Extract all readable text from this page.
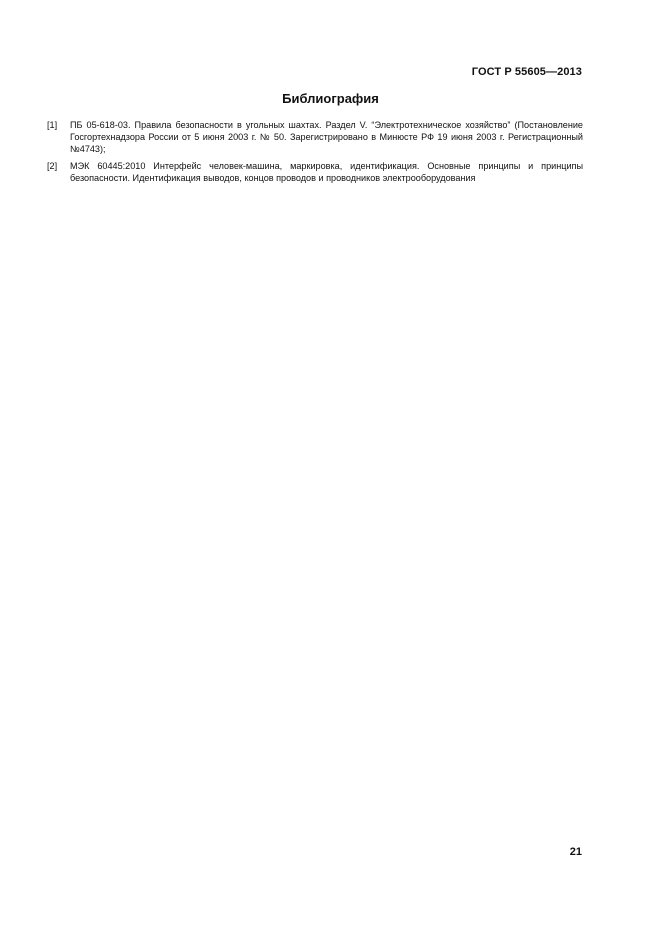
ГОСТ Р 55605—2013
Библиография
[1]	ПБ 05-618-03. Правила безопасности в угольных шахтах. Раздел V. “Электротехническое хозяйство” (Постановление Госгортехнадзора России от 5 июня 2003 г. № 50. Зарегистрировано в Минюсте РФ 19 июня 2003 г. Регистрационный №4743);
[2]	МЭК 60445:2010 Интерфейс человек-машина, маркировка, идентификация. Основные принципы и принципы безопасности. Идентификация выводов, концов проводов и проводников электрооборудования
21
